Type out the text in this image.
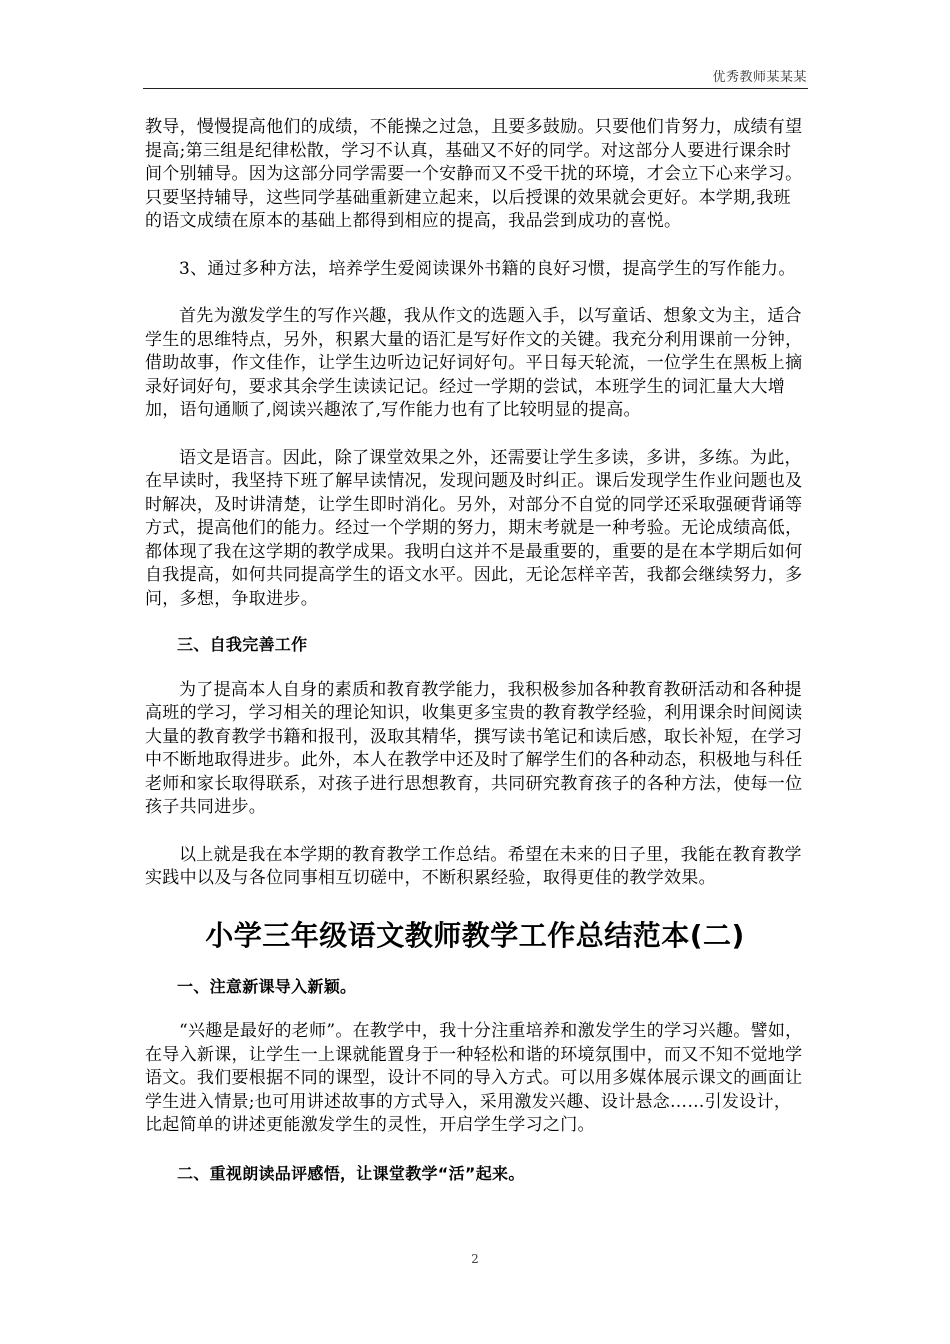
优秀教师某某某

教导，慢慢提高他们的成绩，不能操之过急，且要多鼓励。只要他们肯努力，成绩有望提高;第三组是纪律松散，学习不认真，基础又不好的同学。对这部分人要进行课余时间个别辅导。因为这部分同学需要一个安静而又不受干扰的环境，才会立下心来学习。只要坚持辅导，这些同学基础重新建立起来，以后授课的效果就会更好。本学期,我班的语文成绩在原本的基础上都得到相应的提高，我品尝到成功的喜悦。

3、通过多种方法，培养学生爱阅读课外书籍的良好习惯，提高学生的写作能力。

首先为激发学生的写作兴趣，我从作文的选题入手，以写童话、想象文为主，适合学生的思维特点，另外，积累大量的语汇是写好作文的关键。我充分利用课前一分钟，借助故事，作文佳作，让学生边听边记好词好句。平日每天轮流，一位学生在黑板上摘录好词好句，要求其余学生读读记记。经过一学期的尝试，本班学生的词汇量大大增加，语句通顺了,阅读兴趣浓了,写作能力也有了比较明显的提高。

语文是语言。因此，除了课堂效果之外，还需要让学生多读，多讲，多练。为此，在早读时，我坚持下班了解早读情况，发现问题及时纠正。课后发现学生作业问题也及时解决，及时讲清楚，让学生即时消化。另外，对部分不自觉的同学还采取强硬背诵等方式，提高他们的能力。经过一个学期的努力，期末考就是一种考验。无论成绩高低，都体现了我在这学期的教学成果。我明白这并不是最重要的，重要的是在本学期后如何自我提高，如何共同提高学生的语文水平。因此，无论怎样辛苦，我都会继续努力，多问，多想，争取进步。

三、自我完善工作

为了提高本人自身的素质和教育教学能力，我积极参加各种教育教研活动和各种提高班的学习，学习相关的理论知识，收集更多宝贵的教育教学经验，利用课余时间阅读大量的教育教学书籍和报刊，汲取其精华，撰写读书笔记和读后感，取长补短，在学习中不断地取得进步。此外，本人在教学中还及时了解学生们的各种动态，积极地与科任老师和家长取得联系，对孩子进行思想教育，共同研究教育孩子的各种方法，使每一位孩子共同进步。

以上就是我在本学期的教育教学工作总结。希望在未来的日子里，我能在教育教学实践中以及与各位同事相互切磋中，不断积累经验，取得更佳的教学效果。

小学三年级语文教师教学工作总结范本(二)

一、注意新课导入新颖。

“兴趣是最好的老师”。在教学中，我十分注重培养和激发学生的学习兴趣。譬如，在导入新课，让学生一上课就能置身于一种轻松和谐的环境氛围中，而又不知不觉地学语文。我们要根据不同的课型，设计不同的导入方式。可以用多媒体展示课文的画面让学生进入情景;也可用讲述故事的方式导入，采用激发兴趣、设计悬念……引发设计，比起简单的讲述更能激发学生的灵性，开启学生学习之门。

二、重视朗读品评感悟，让课堂教学“活”起来。

2
